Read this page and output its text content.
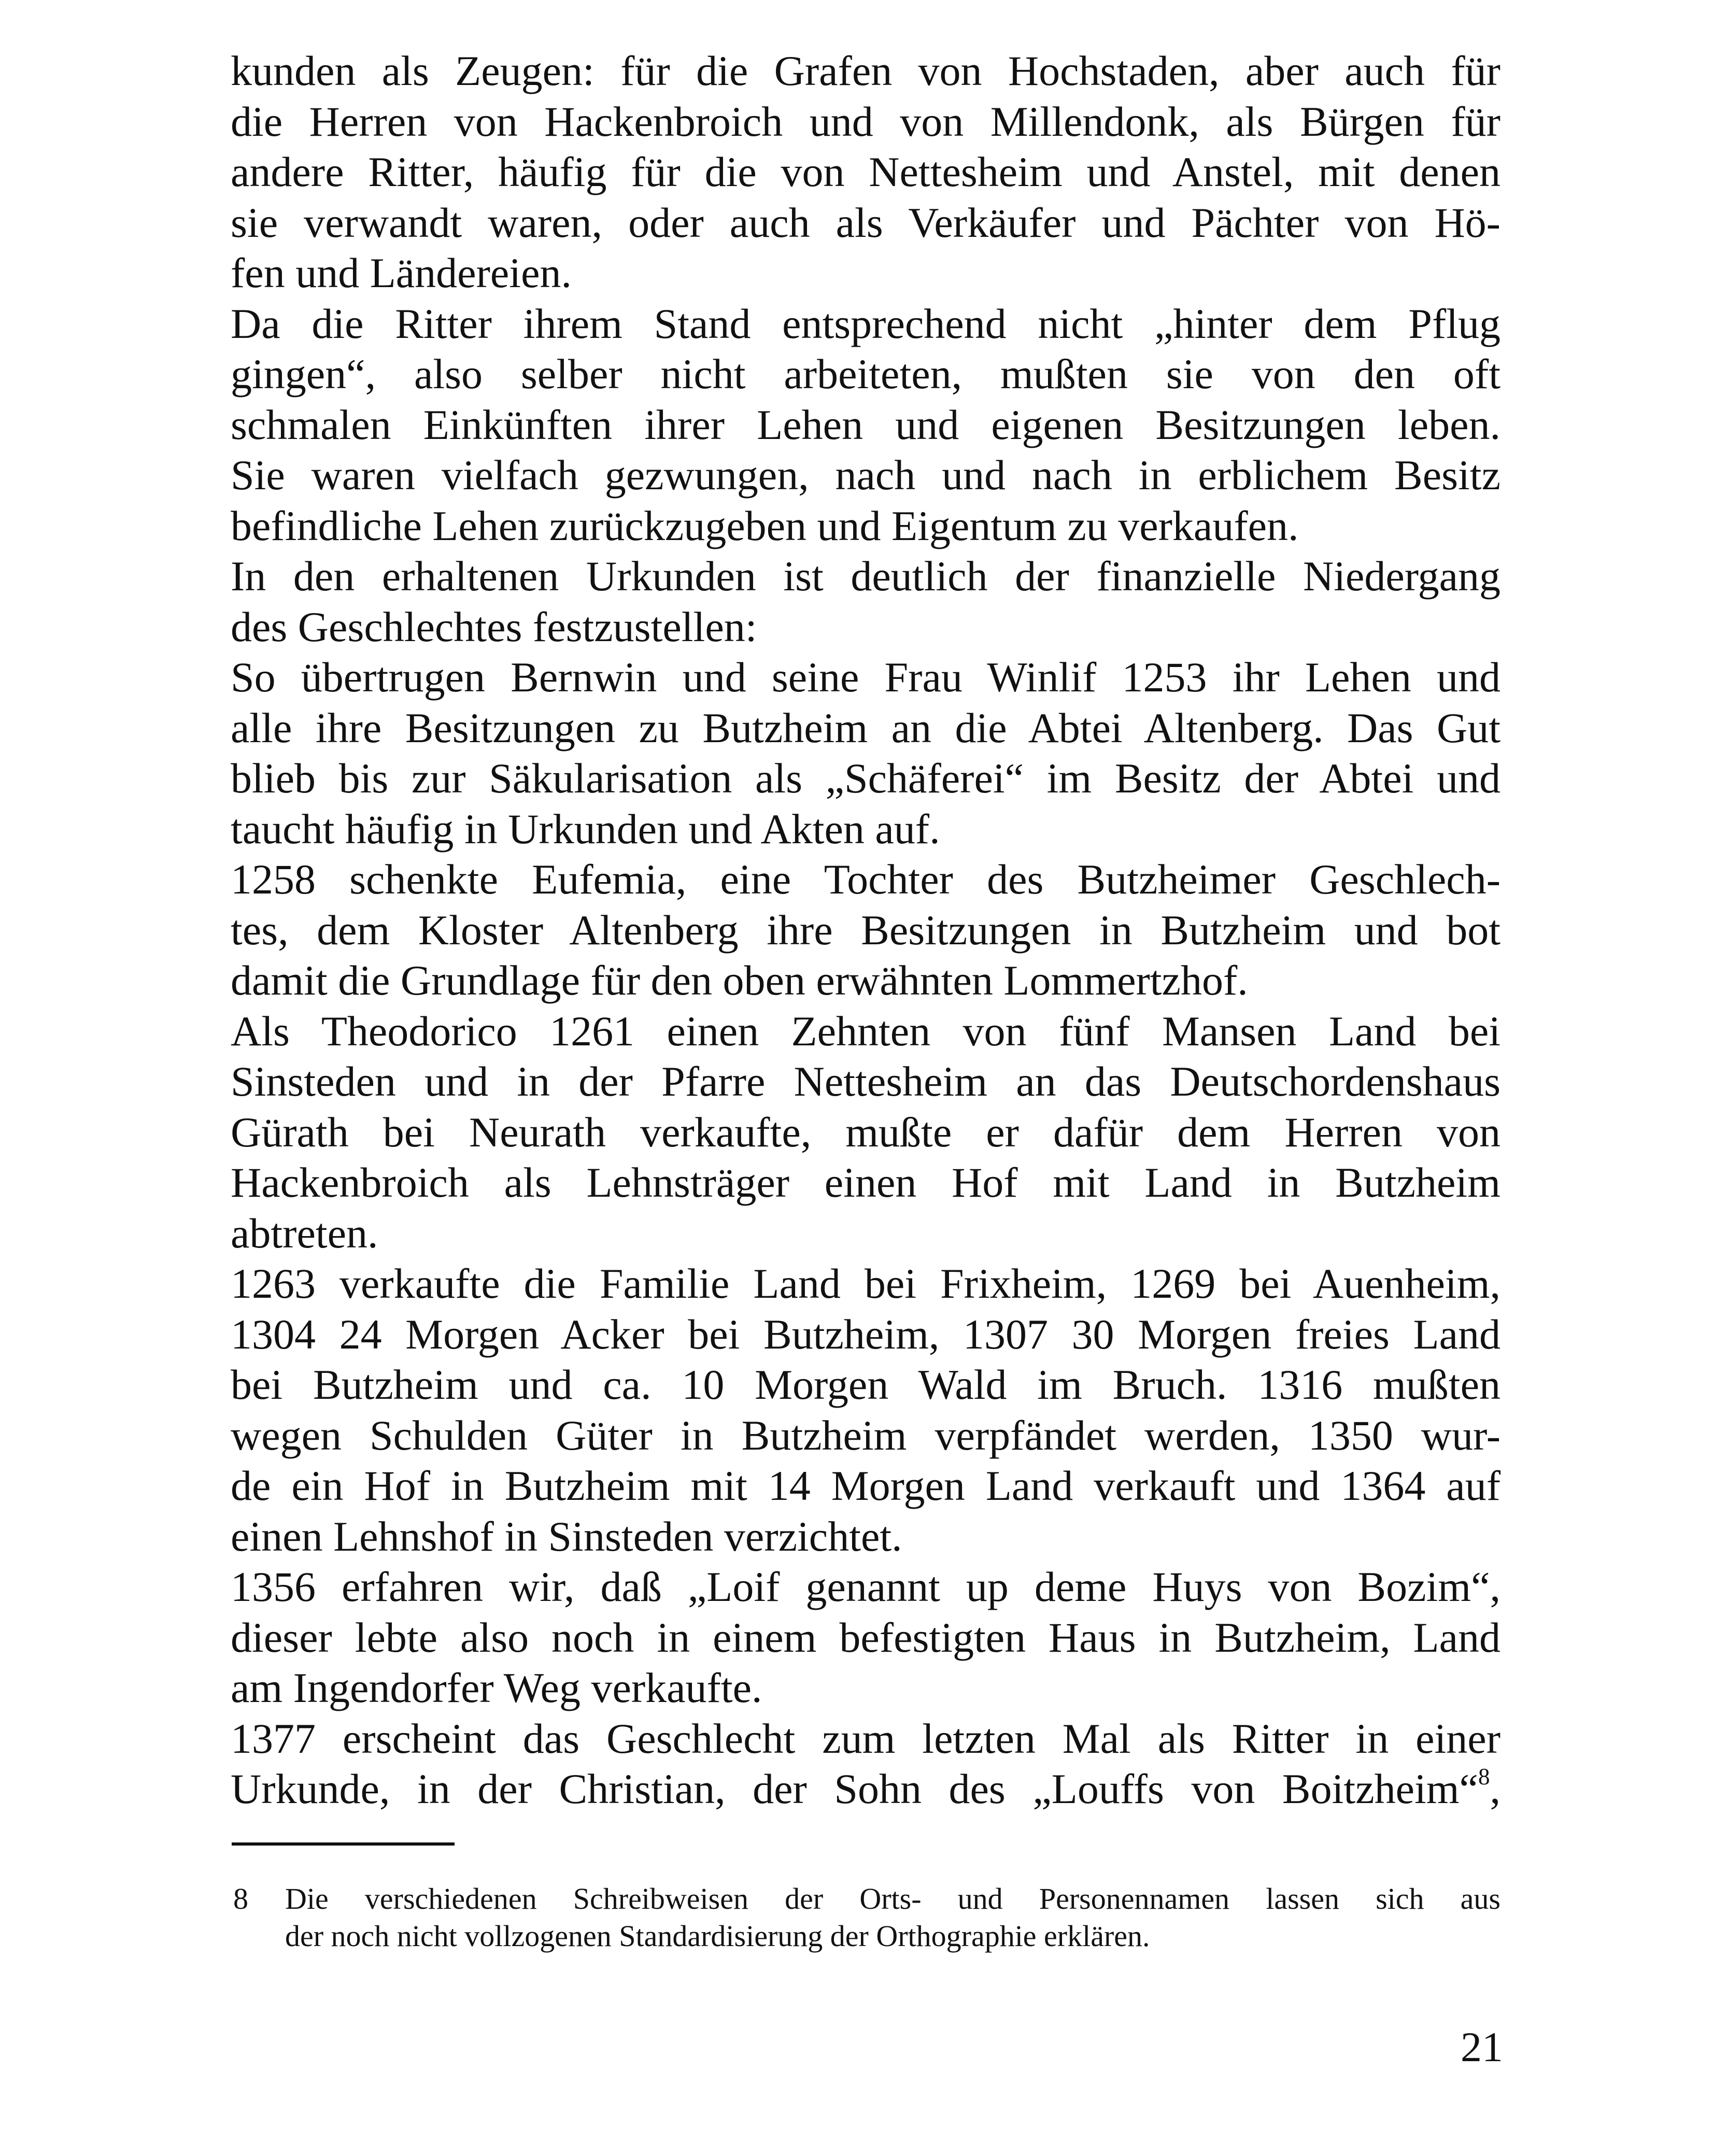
kunden als Zeugen: für die Grafen von Hochstaden, aber auch für
die Herren von Hackenbroich und von Millendonk, als Bürgen für
andere Ritter, häufig für die von Nettesheim und Anstel, mit denen
sie verwandt waren, oder auch als Verkäufer und Pächter von Hö-
fen und Ländereien.
Da die Ritter ihrem Stand entsprechend nicht „hinter dem Pflug
gingen“, also selber nicht arbeiteten, mußten sie von den oft
schmalen Einkünften ihrer Lehen und eigenen Besitzungen leben.
Sie waren vielfach gezwungen, nach und nach in erblichem Besitz
befindliche Lehen zurückzugeben und Eigentum zu verkaufen.
In den erhaltenen Urkunden ist deutlich der finanzielle Niedergang
des Geschlechtes festzustellen:
So übertrugen Bernwin und seine Frau Winlif 1253 ihr Lehen und
alle ihre Besitzungen zu Butzheim an die Abtei Altenberg. Das Gut
blieb bis zur Säkularisation als „Schäferei“ im Besitz der Abtei und
taucht häufig in Urkunden und Akten auf.
1258 schenkte Eufemia, eine Tochter des Butzheimer Geschlech-
tes, dem Kloster Altenberg ihre Besitzungen in Butzheim und bot
damit die Grundlage für den oben erwähnten Lommertzhof.
Als Theodorico 1261 einen Zehnten von fünf Mansen Land bei
Sinsteden und in der Pfarre Nettesheim an das Deutschordenshaus
Gürath bei Neurath verkaufte, mußte er dafür dem Herren von
Hackenbroich als Lehnsträger einen Hof mit Land in Butzheim
abtreten.
1263 verkaufte die Familie Land bei Frixheim, 1269 bei Auenheim,
1304 24 Morgen Acker bei Butzheim, 1307 30 Morgen freies Land
bei Butzheim und ca. 10 Morgen Wald im Bruch. 1316 mußten
wegen Schulden Güter in Butzheim verpfändet werden, 1350 wur-
de ein Hof in Butzheim mit 14 Morgen Land verkauft und 1364 auf
einen Lehnshof in Sinsteden verzichtet.
1356 erfahren wir, daß „Loif genannt up deme Huys von Bozim“,
dieser lebte also noch in einem befestigten Haus in Butzheim, Land
am Ingendorfer Weg verkaufte.
1377 erscheint das Geschlecht zum letzten Mal als Ritter in einer
Urkunde, in der Christian, der Sohn des „Louffs von Boitzheim“$^8$,
8 Die verschiedenen Schreibweisen der Orts- und Personennamen lassen sich aus
der noch nicht vollzogenen Standardisierung der Orthographie erklären.
21
